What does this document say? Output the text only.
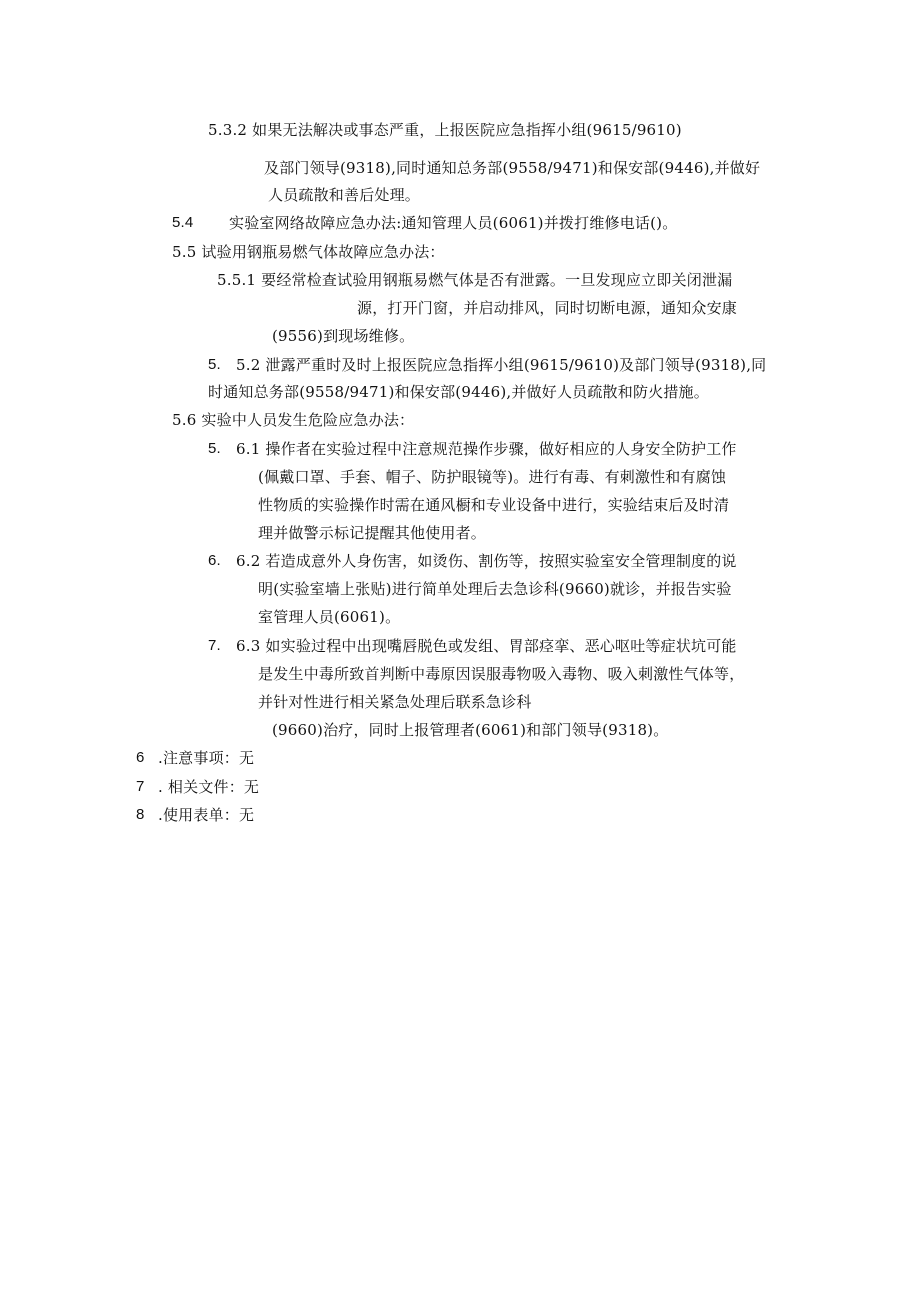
5.3.2 如果无法解决或事态严重，上报医院应急指挥小组(9615/9610)
及部门领导(9318),同时通知总务部(9558/9471)和保安部(9446),并做好
人员疏散和善后处理。
5.4 实验室网络故障应急办法:通知管理人员(6061)并拨打维修电话()。
5.5 试验用钢瓶易燃气体故障应急办法：
5.5.1 要经常检查试验用钢瓶易燃气体是否有泄露。一旦发现应立即关闭泄漏
源，打开门窗，并启动排风，同时切断电源，通知众安康
(9556)到现场维修。
5. 5.2 泄露严重时及时上报医院应急指挥小组(9615/9610)及部门领导(9318),同
时通知总务部(9558/9471)和保安部(9446),并做好人员疏散和防火措施。
5.6 实验中人员发生危险应急办法：
5. 6.1 操作者在实验过程中注意规范操作步骤，做好相应的人身安全防护工作
(佩戴口罩、手套、帽子、防护眼镜等)。进行有毒、有刺激性和有腐蚀
性物质的实验操作时需在通风橱和专业设备中进行，实验结束后及时清
理并做警示标记提醒其他使用者。
6. 6.2 若造成意外人身伤害，如烫伤、割伤等，按照实验室安全管理制度的说
明(实验室墙上张贴)进行简单处理后去急诊科(9660)就诊，并报告实验
室管理人员(6061)。
7. 6.3 如实验过程中出现嘴唇脱色或发组、胃部痉挛、恶心呕吐等症状坑可能
是发生中毒所致首判断中毒原因误服毒物吸入毒物、吸入刺激性气体等，
并针对性进行相关紧急处理后联系急诊科
(9660)治疗，同时上报管理者(6061)和部门领导(9318)。
6 .注意事项：无
7 . 相关文件：无
8 .使用表单：无
